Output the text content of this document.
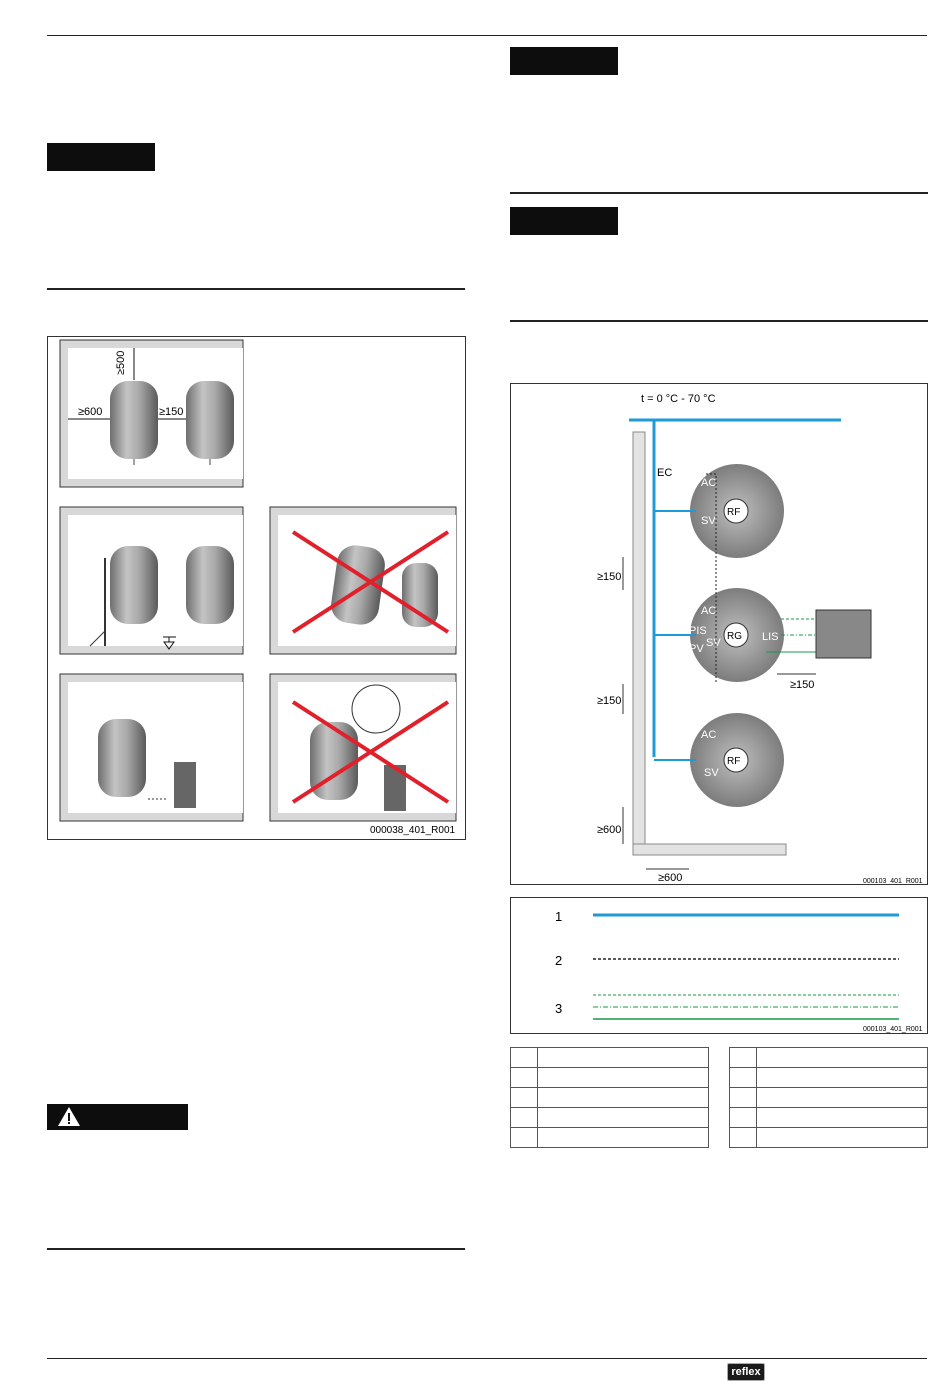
≥500
≥600	≥150
000038_401_R001
t = 0 °C - 70 °C
EC
AC
SV
RF
AC
PIS
SV
PV
RG LIS
AC
SV
RF
≥150
≥150
≥600
≥150
≥600	000103_401_R001
1
2
3
000103_401_R001

reflex
